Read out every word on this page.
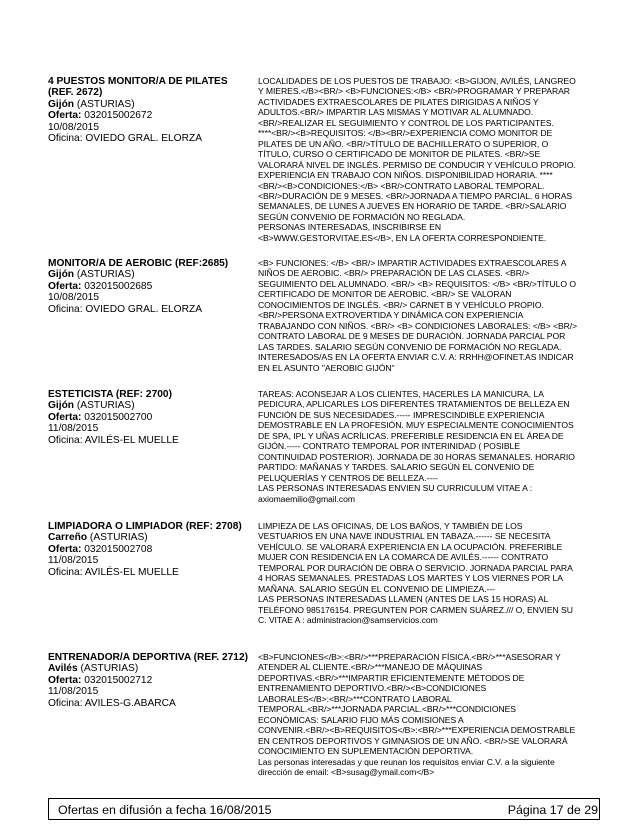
4 PUESTOS MONITOR/A DE PILATES (REF. 2672)
Gijón (ASTURIAS)
Oferta: 032015002672
10/08/2015
Oficina: OVIEDO GRAL. ELORZA
LOCALIDADES DE LOS PUESTOS DE TRABAJO: <B>GIJON, AVILÉS, LANGREO
Y MIERES.</B><BR/> <B>FUNCIONES:</B> <BR/>PROGRAMAR Y PREPARAR
ACTIVIDADES EXTRAESCOLARES DE PILATES DIRIGIDAS A NIÑOS Y
ADULTOS.<BR/> IMPARTIR LAS MISMAS Y MOTIVAR AL ALUMNADO.
<BR/>REALIZAR EL SEGUIMIENTO Y CONTROL DE LOS PARTICIPANTES.
****<BR/><B>REQUISITOS: </B><BR/>EXPERIENCIA COMO MONITOR DE
PILATES DE UN AÑO. <BR/>TÍTULO DE BACHILLERATO O SUPERIOR, O
TÍTULO, CURSO O CERTIFICADO DE MONITOR DE PILATES. <BR/>SE
VALORARÁ NIVEL DE INGLÉS. PERMISO DE CONDUCIR Y VEHÍCULO PROPIO.
EXPERIENCIA EN TRABAJO CON NIÑOS. DISPONIBILIDAD HORARIA. ****
<BR/><B>CONDICIONES:</B> <BR/>CONTRATO LABORAL TEMPORAL.
<BR/>DURACIÓN DE 9 MESES. <BR/>JORNADA A TIEMPO PARCIAL. 6 HORAS
SEMANALES, DE LUNES A JUEVES EN HORARIO DE TARDE. <BR/>SALARIO
SEGÚN CONVENIO DE FORMACIÓN NO REGLADA.
PERSONAS INTERESADAS, INSCRIBIRSE EN
<B>WWW.GESTORVITAE.ES</B>, EN LA OFERTA CORRESPONDIENTE.
MONITOR/A DE AEROBIC (REF:2685)
Gijón (ASTURIAS)
Oferta: 032015002685
10/08/2015
Oficina: OVIEDO GRAL. ELORZA
<B> FUNCIONES: </B> <BR/> IMPARTIR ACTIVIDADES EXTRAESCOLARES A
NIÑOS DE AEROBIC. <BR/> PREPARACIÓN DE LAS CLASES. <BR/>
SEGUIMIENTO DEL ALUMNADO. <BR/> <B> REQUISITOS: </B> <BR/>TÍTULO O
CERTIFICADO DE MONITOR DE AEROBIC. <BR/> SE VALORAN
CONOCIMIENTOS DE INGLÉS. <BR/> CARNET B Y VEHÍCULO PROPIO.
<BR/>PERSONA EXTROVERTIDA Y DINÁMICA CON EXPERIENCIA
TRABAJANDO CON NIÑOS. <BR/> <B> CONDICIONES LABORALES: </B> <BR/>
CONTRATO LABORAL DE 9 MESES DE DURACIÓN. JORNADA PARCIAL POR
LAS TARDES. SALARIO SEGÚN CONVENIO DE FORMACIÓN NO REGLADA.
INTERESADOS/AS EN LA OFERTA ENVIAR C.V. A: RRHH@OFINET.AS INDICAR
EN EL ASUNTO "AEROBIC GIJÓN"
ESTETICISTA (REF: 2700)
Gijón (ASTURIAS)
Oferta: 032015002700
11/08/2015
Oficina: AVILÉS-EL MUELLE
TAREAS: ACONSEJAR A LOS CLIENTES, HACERLES LA MANICURA, LA
PEDICURA, APLICARLES LOS DIFERENTES TRATAMIENTOS DE BELLEZA EN
FUNCIÓN DE SUS NECESIDADES.----- IMPRESCINDIBLE EXPERIENCIA
DEMOSTRABLE EN LA PROFESIÓN. MUY ESPECIALMENTE CONOCIMIENTOS
DE SPA, IPL Y UÑAS ACRÍLICAS. PREFERIBLE RESIDENCIA EN EL ÁREA DE
GIJÓN.----- CONTRATO TEMPORAL POR INTERINIDAD ( POSIBLE
CONTINUIDAD POSTERIOR). JORNADA DE 30 HORAS SEMANALES. HORARIO
PARTIDO: MAÑANAS Y TARDES. SALARIO SEGÚN EL CONVENIO DE
PELUQUERÍAS Y CENTROS DE BELLEZA.----
LAS PERSONAS INTERESADAS ENVIEN SU CURRICULUM VITAE A :
axiomaemilio@gmail.com
LIMPIADORA O LIMPIADOR (REF: 2708)
Carreño (ASTURIAS)
Oferta: 032015002708
11/08/2015
Oficina: AVILÉS-EL MUELLE
LIMPIEZA DE LAS OFICINAS, DE LOS BAÑOS, Y TAMBIÉN DE LOS
VESTUARIOS EN UNA NAVE INDUSTRIAL EN TABAZA.------ SE NECESITA
VEHÍCULO. SE VALORARÁ EXPERIENCIA EN LA OCUPACIÓN. PREFERIBLE
MUJER CON RESIDENCIA EN LA COMARCA DE AVILÉS.------ CONTRATO
TEMPORAL POR DURACIÓN DE OBRA O SERVICIO. JORNADA PARCIAL PARA
4 HORAS SEMANALES. PRESTADAS LOS MARTES Y LOS VIERNES POR LA
MAÑANA. SALARIO SEGÚN EL CONVENIO DE LIMPIEZA.---
LAS PERSONAS INTERESADAS LLAMEN (ANTES DE LAS 15 HORAS) AL
TELÉFONO 985176154. PREGUNTEN POR CARMEN SUÁREZ./// O, ENVIEN SU
C. VITAE A : administracion@samservicios.com
ENTRENADOR/A DEPORTIVA (REF. 2712)
Avilés (ASTURIAS)
Oferta: 032015002712
11/08/2015
Oficina: AVILES-G.ABARCA
<B>FUNCIONES</B>:<BR/>***PREPARACIÓN FÍSICA.<BR/>***ASESORAR Y
ATENDER AL CLIENTE.<BR/>***MANEJO DE MÁQUINAS
DEPORTIVAS.<BR/>***IMPARTIR EFICIENTEMENTE MÉTODOS DE
ENTRENAMIENTO DEPORTIVO.<BR/><B>CONDICIONES
LABORALES</B>:<BR/>***CONTRATO LABORAL
TEMPORAL.<BR/>***JORNADA PARCIAL.<BR/>***CONDICIONES
ECONÓMICAS: SALARIO FIJO MÁS COMISIONES A
CONVENIR.<BR/><B>REQUISITOS</B>:<BR/>***EXPERIENCIA DEMOSTRABLE
EN CENTROS DEPORTIVOS Y GIMNASIOS DE UN AÑO. <BR/>SE VALORARÁ
CONOCIMIENTO EN SUPLEMENTACIÓN DEPORTIVA.
Las personas interesadas y que reunan los requisitos enviar C.V. a la siguiente
dirección de email: <B>susag@ymail.com</B>
Ofertas en difusión a fecha 16/08/2015	Página 17 de 29
